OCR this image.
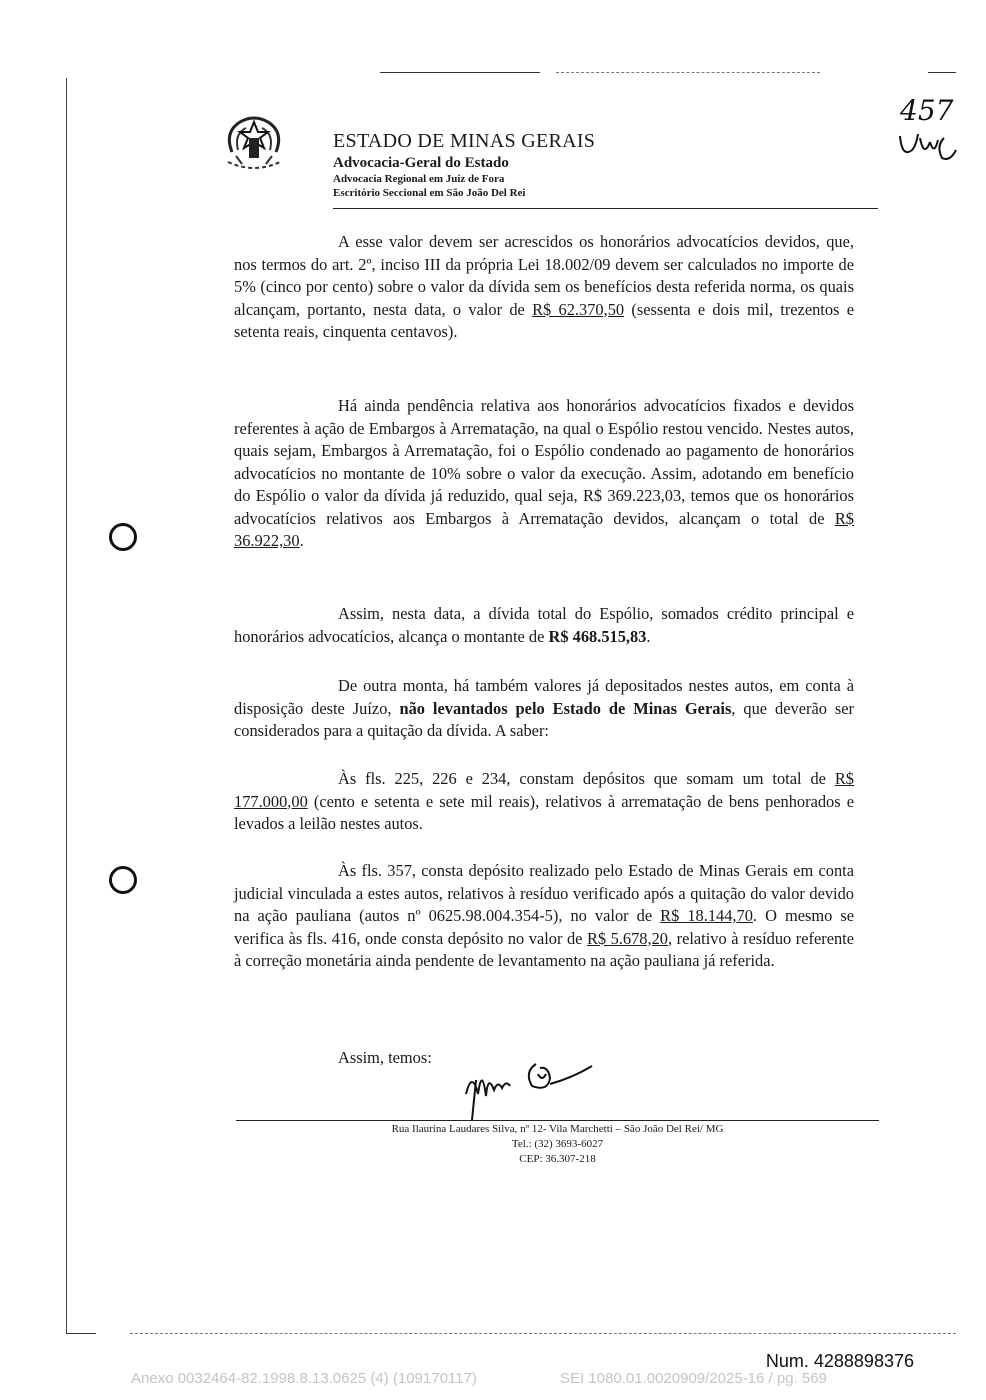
ESTADO DE MINAS GERAIS
Advocacia-Geral do Estado
Advocacia Regional em Juiz de Fora
Escritório Seccional em São João Del Rei
457

A esse valor devem ser acrescidos os honorários advocatícios devidos, que, nos termos do art. 2º, inciso III da própria Lei 18.002/09 devem ser calculados no importe de 5% (cinco por cento) sobre o valor da dívida sem os benefícios desta referida norma, os quais alcançam, portanto, nesta data, o valor de R$ 62.370,50 (sessenta e dois mil, trezentos e setenta reais, cinquenta centavos).

Há ainda pendência relativa aos honorários advocatícios fixados e devidos referentes à ação de Embargos à Arrematação, na qual o Espólio restou vencido. Nestes autos, quais sejam, Embargos à Arrematação, foi o Espólio condenado ao pagamento de honorários advocatícios no montante de 10% sobre o valor da execução. Assim, adotando em benefício do Espólio o valor da dívida já reduzido, qual seja, R$ 369.223,03, temos que os honorários advocatícios relativos aos Embargos à Arrematação devidos, alcançam o total de R$ 36.922,30.

Assim, nesta data, a dívida total do Espólio, somados crédito principal e honorários advocatícios, alcança o montante de R$ 468.515,83.

De outra monta, há também valores já depositados nestes autos, em conta à disposição deste Juízo, não levantados pelo Estado de Minas Gerais, que deverão ser considerados para a quitação da dívida. A saber:

Às fls. 225, 226 e 234, constam depósitos que somam um total de R$ 177.000,00 (cento e setenta e sete mil reais), relativos à arrematação de bens penhorados e levados a leilão nestes autos.

Às fls. 357, consta depósito realizado pelo Estado de Minas Gerais em conta judicial vinculada a estes autos, relativos à resíduo verificado após a quitação do valor devido na ação pauliana (autos nº 0625.98.004.354-5), no valor de R$ 18.144,70. O mesmo se verifica às fls. 416, onde consta depósito no valor de R$ 5.678,20, relativo à resíduo referente à correção monetária ainda pendente de levantamento na ação pauliana já referida.

Assim, temos:

Rua Ilaurina Laudares Silva, nº 12- Vila Marchetti – São João Del Rei/ MG
Tel.: (32) 3693-6027
CEP: 36.307-218
Num. 4288898376
Anexo 0032464-82.1998.8.13.0625 (4) (109170117)	SEI 1080.01.0020909/2025-16 / pg. 569
